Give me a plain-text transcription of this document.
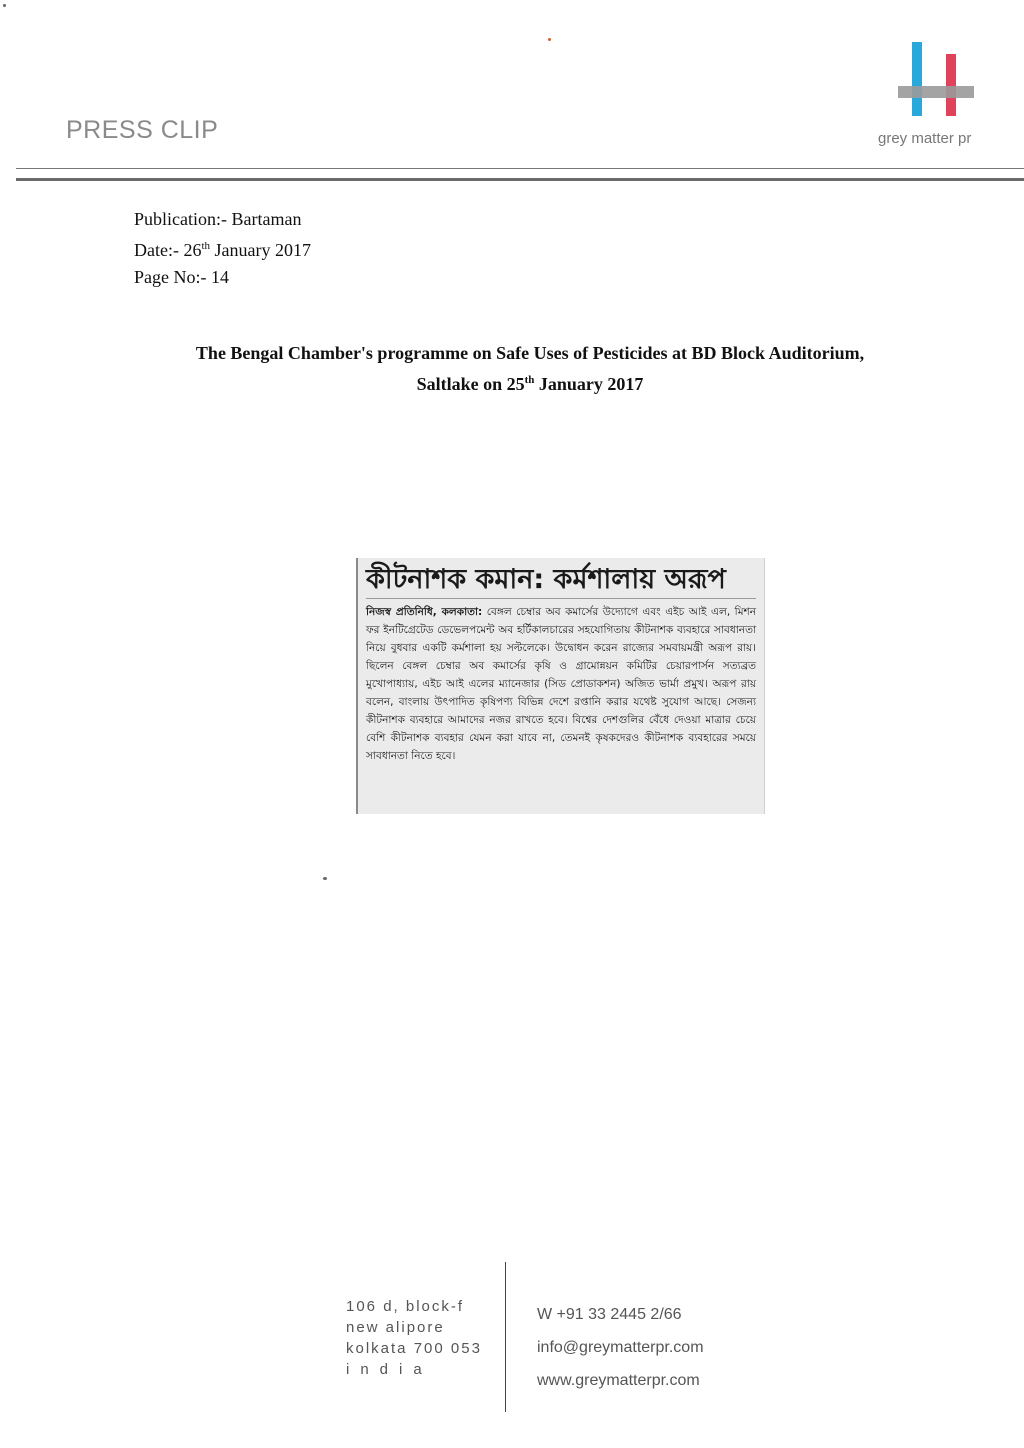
PRESS CLIP	grey matter pr
Publication:- Bartaman
Date:- 26th January 2017
Page No:- 14
The Bengal Chamber's programme on Safe Uses of Pesticides at BD Block Auditorium,
Saltlake on 25th January 2017
কীটনাশক কমান: কর্মশালায় অরূপ
নিজস্ব প্রতিনিধি, কলকাতা: বেঙ্গল চেম্বার অব কমার্সের উদ্যোগে এবং এইচ আই এল, মিশন ফর ইনটিগ্রেটেড ডেভেলপমেন্ট অব হর্টিকালচারের সহযোগিতায় কীটনাশক ব্যবহারে সাবধানতা নিয়ে বুধবার একটি কর্মশালা হয় সল্টলেকে। উদ্বোধন করেন রাজ্যের সমবায়মন্ত্রী অরূপ রায়। ছিলেন বেঙ্গল চেম্বার অব কমার্সের কৃষি ও গ্রামোন্নয়ন কমিটির চেয়ারপার্সন সত্যব্রত মুখোপাধ্যায়, এইচ আই এলের ম্যানেজার (সিড প্রোডাকশন) অজিত ভার্মা প্রমুখ। অরূপ রায় বলেন, বাংলায় উৎপাদিত কৃষিপণ্য বিভিন্ন দেশে রপ্তানি করার যথেষ্ট সুযোগ আছে। সেজন্য কীটনাশক ব্যবহারে আমাদের নজর রাখতে হবে। বিশ্বের দেশগুলির বেঁধে দেওয়া মাত্রার চেয়ে বেশি কীটনাশক ব্যবহার যেমন করা যাবে না, তেমনই কৃষকদেরও কীটনাশক ব্যবহারের সময়ে সাবধানতা নিতে হবে।
106 d, block-f
new alipore
kolkata 700 053
india
W +91 33 2445 2/66
info@greymatterpr.com
www.greymatterpr.com
